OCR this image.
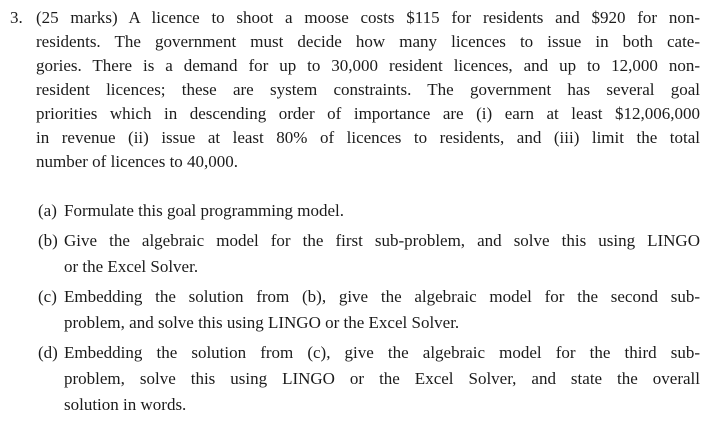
3. (25 marks) A licence to shoot a moose costs $115 for residents and $920 for non-
residents. The government must decide how many licences to issue in both cate-
gories. There is a demand for up to 30,000 resident licences, and up to 12,000 non-
resident licences; these are system constraints. The government has several goal
priorities which in descending order of importance are (i) earn at least $12,006,000
in revenue (ii) issue at least 80% of licences to residents, and (iii) limit the total
number of licences to 40,000.
(a) Formulate this goal programming model.
(b) Give the algebraic model for the first sub-problem, and solve this using LINGO
or the Excel Solver.
(c) Embedding the solution from (b), give the algebraic model for the second sub-
problem, and solve this using LINGO or the Excel Solver.
(d) Embedding the solution from (c), give the algebraic model for the third sub-
problem, solve this using LINGO or the Excel Solver, and state the overall
solution in words.
